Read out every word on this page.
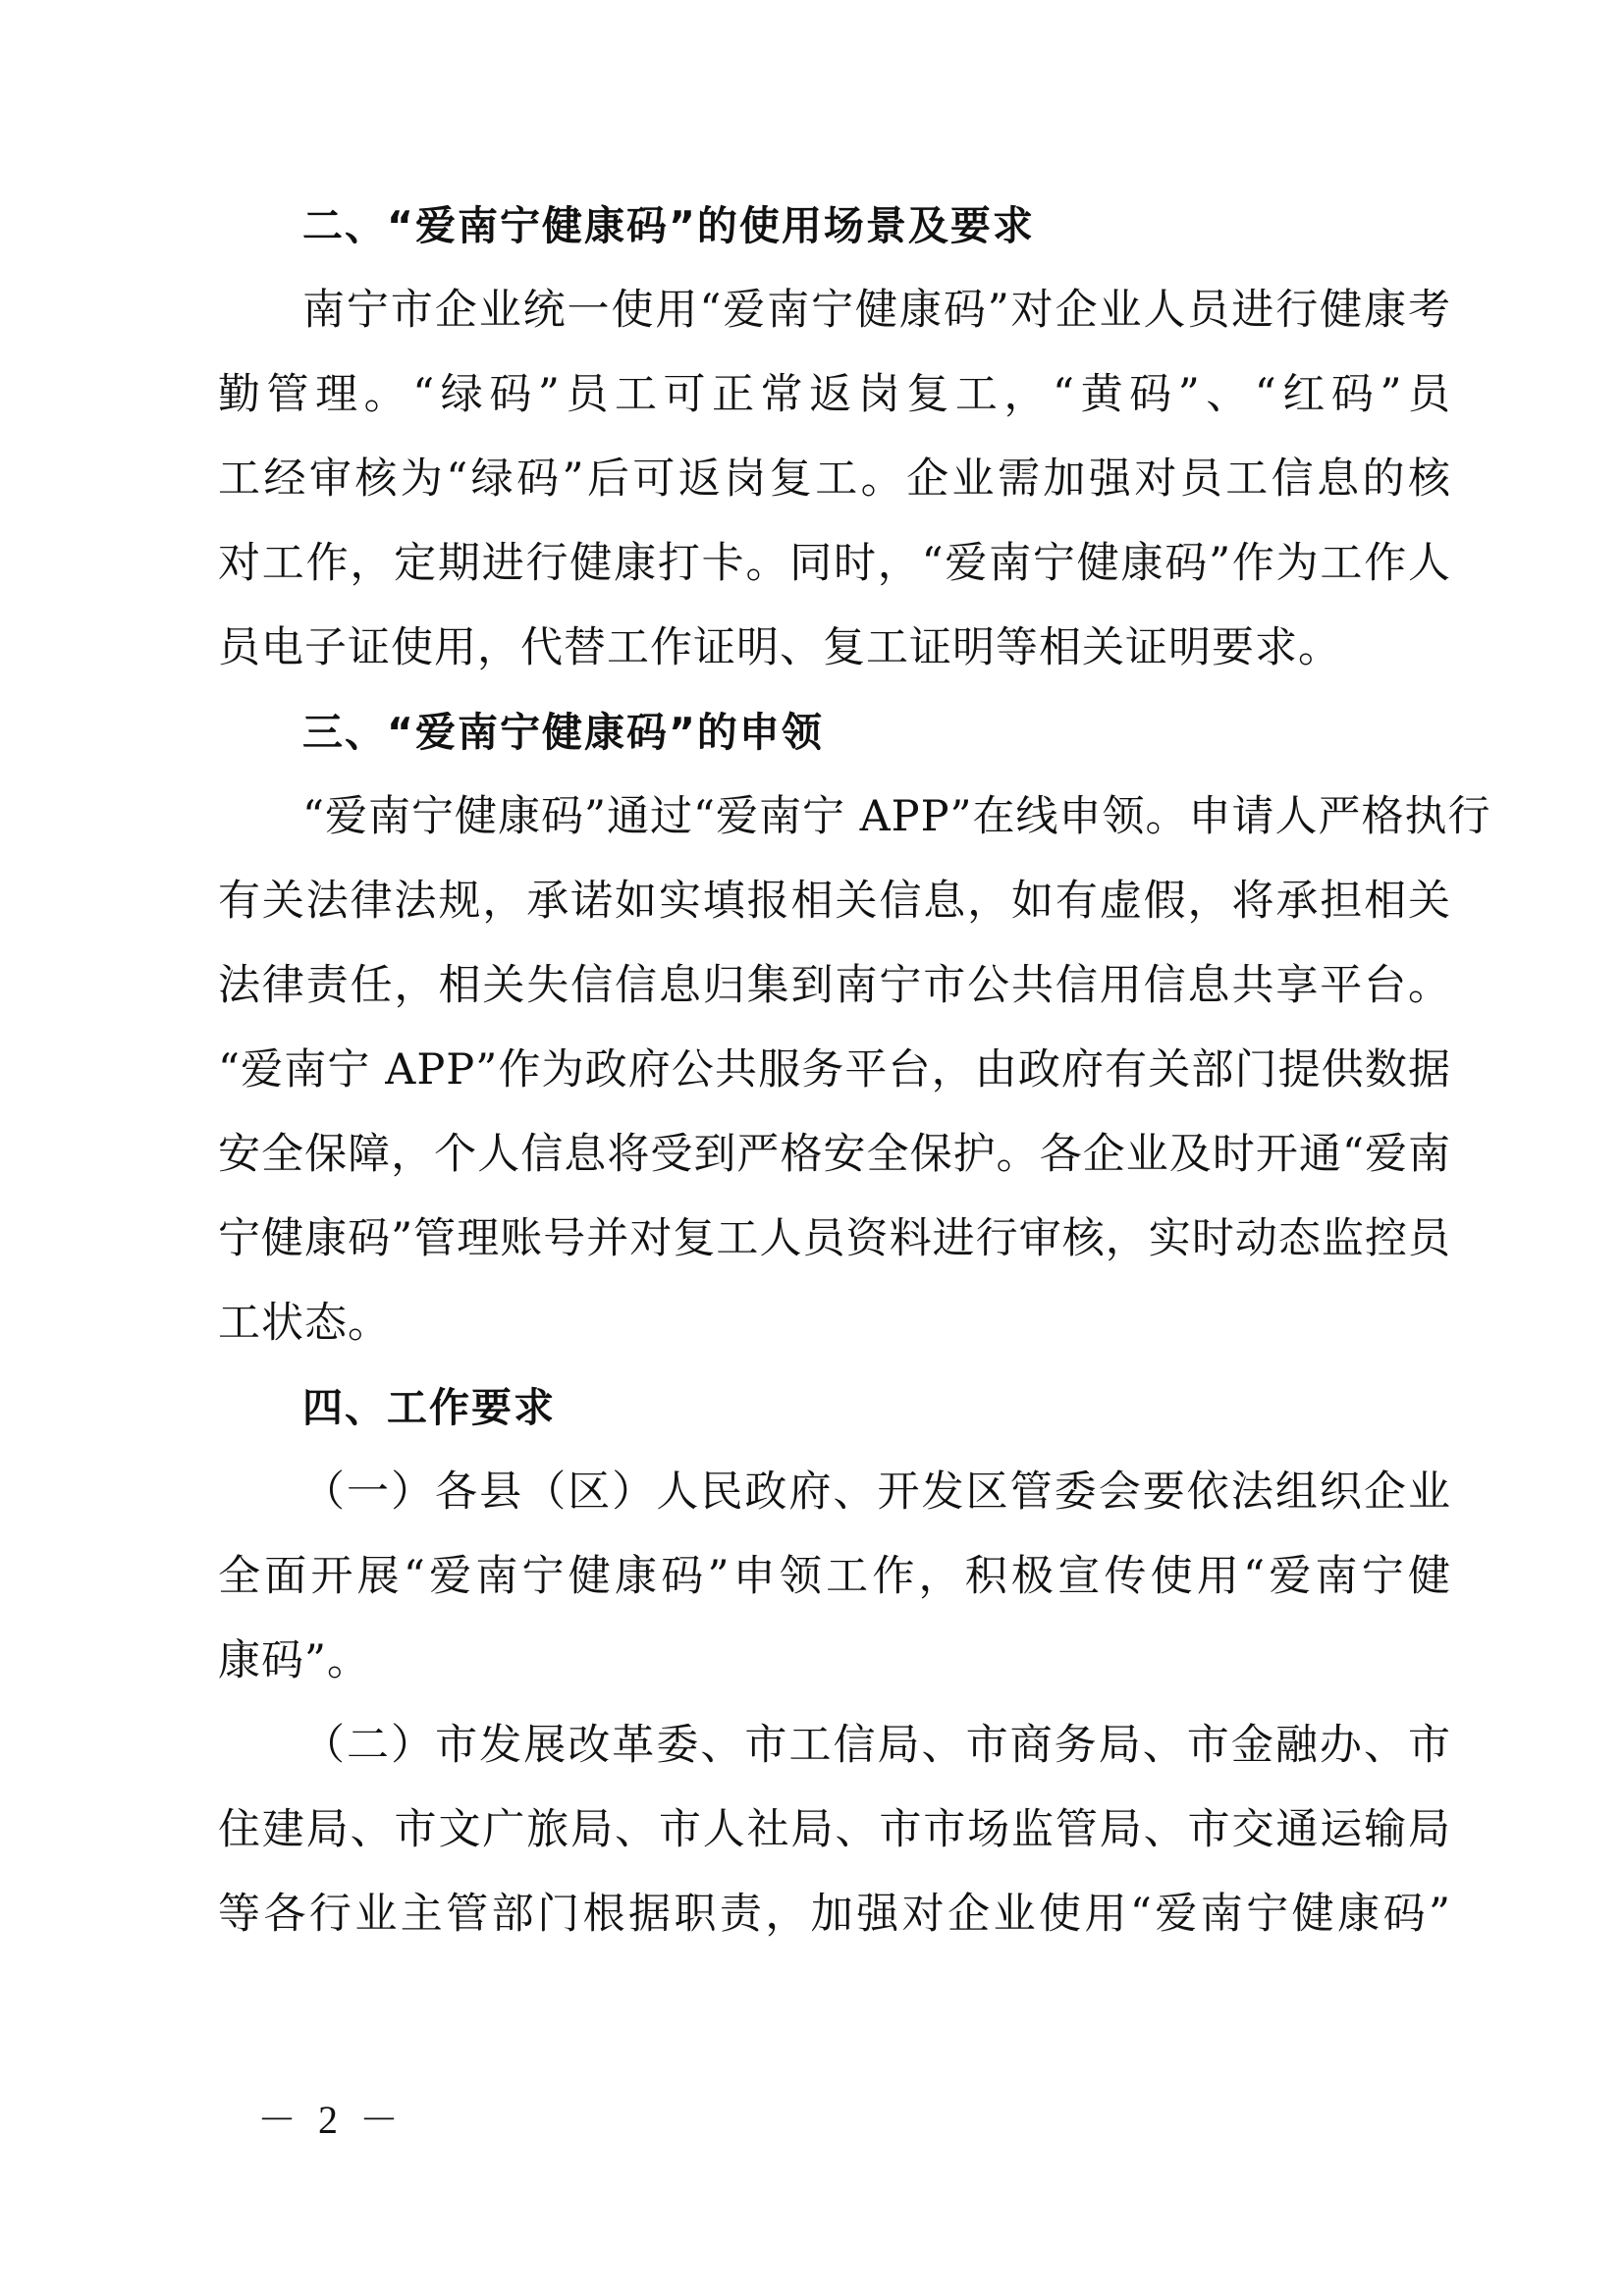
二、“爱南宁健康码”的使用场景及要求
南宁市企业统一使用“爱南宁健康码”对企业人员进行健康考
勤管理。“绿码”员工可正常返岗复工，“黄码”、“红码”员
工经审核为“绿码”后可返岗复工。企业需加强对员工信息的核
对工作，定期进行健康打卡。同时，“爱南宁健康码”作为工作人
员电子证使用，代替工作证明、复工证明等相关证明要求。
三、“爱南宁健康码”的申领
“爱南宁健康码”通过“爱南宁 APP”在线申领。申请人严格执行
有关法律法规，承诺如实填报相关信息，如有虚假，将承担相关
法律责任，相关失信信息归集到南宁市公共信用信息共享平台。
“爱南宁 APP”作为政府公共服务平台，由政府有关部门提供数据
安全保障，个人信息将受到严格安全保护。各企业及时开通“爱南
宁健康码”管理账号并对复工人员资料进行审核，实时动态监控员
工状态。
四、工作要求
（一）各县（区）人民政府、开发区管委会要依法组织企业
全面开展“爱南宁健康码”申领工作，积极宣传使用“爱南宁健
康码”。
（二）市发展改革委、市工信局、市商务局、市金融办、市
住建局、市文广旅局、市人社局、市市场监管局、市交通运输局
等各行业主管部门根据职责，加强对企业使用“爱南宁健康码”
－ 2 －
